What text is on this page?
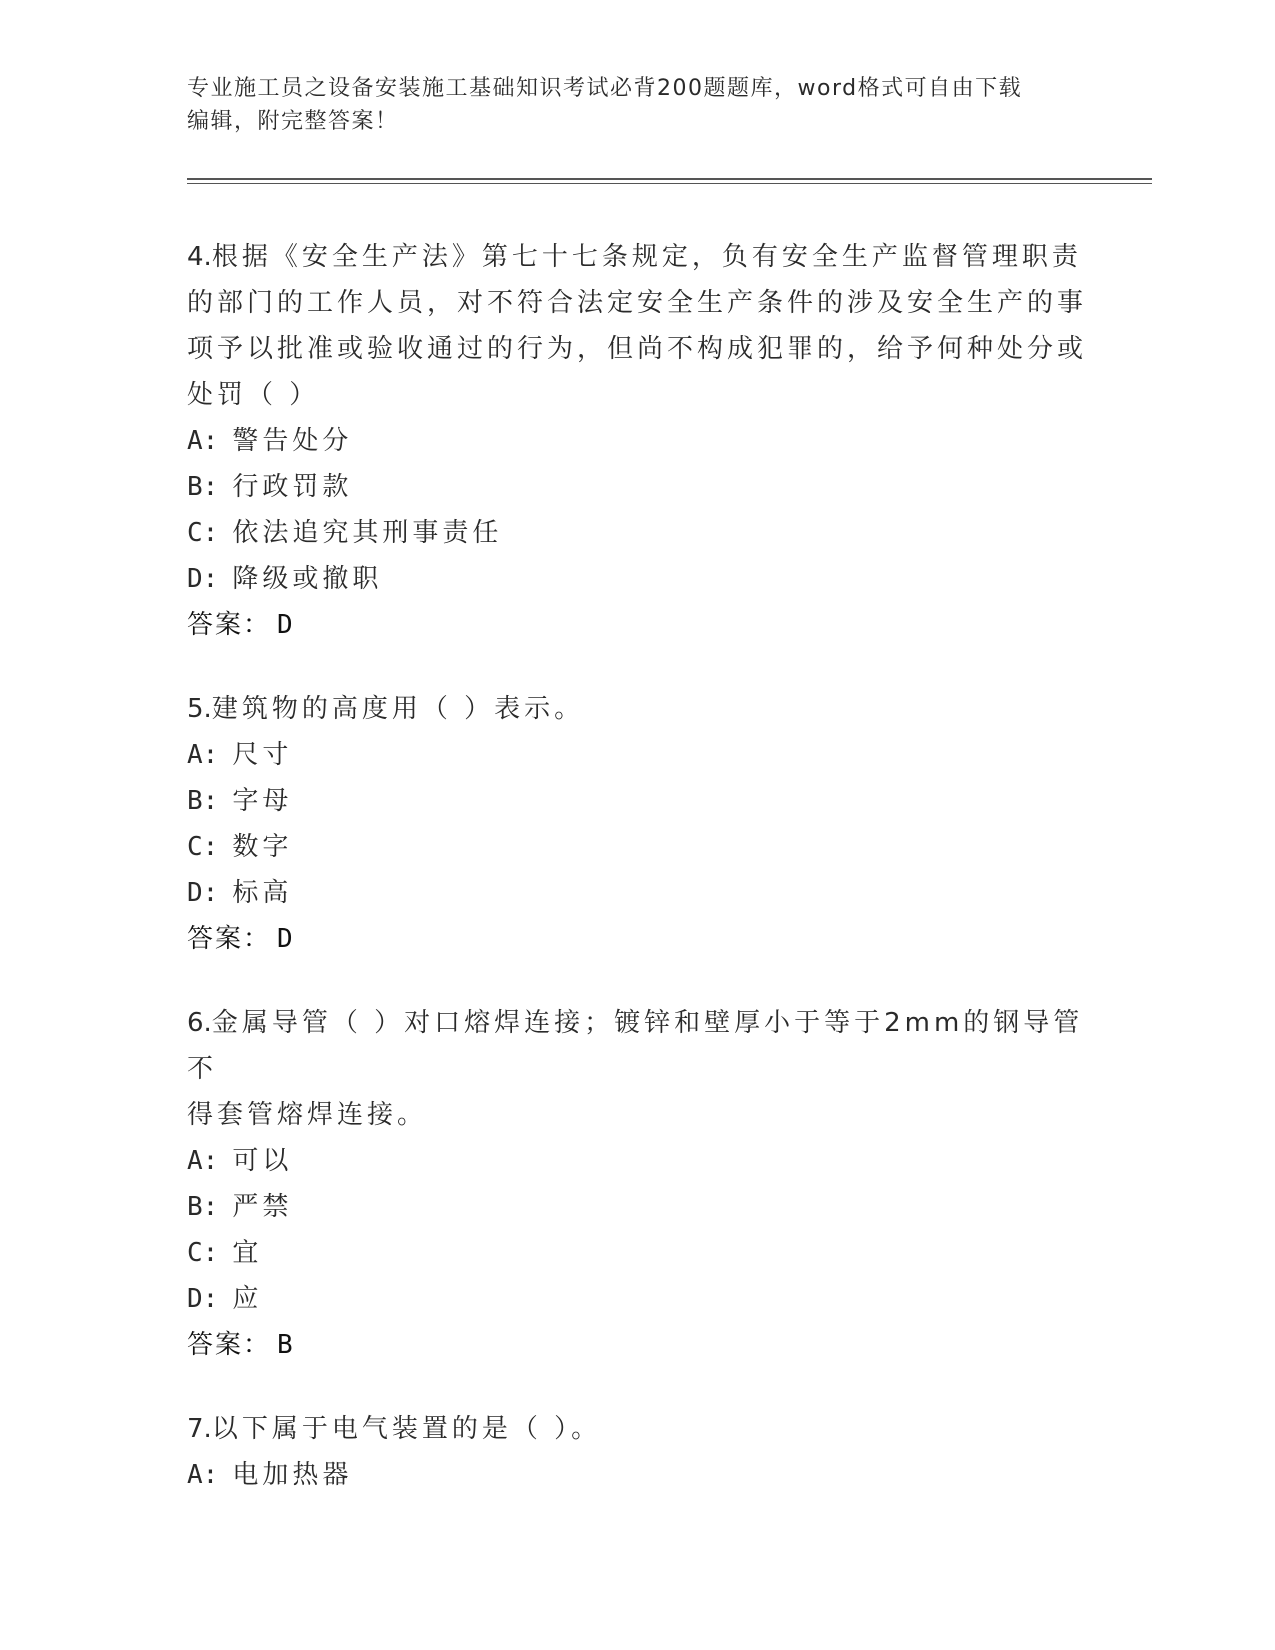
专业施工员之设备安装施工基础知识考试必背200题题库，word格式可自由下载
编辑，附完整答案！
4.根据《安全生产法》第七十七条规定，负有安全生产监督管理职责
的部门的工作人员，对不符合法定安全生产条件的涉及安全生产的事
项予以批准或验收通过的行为，但尚不构成犯罪的，给予何种处分或
处罚（ ）
A: 警告处分
B: 行政罚款
C: 依法追究其刑事责任
D: 降级或撤职
答案： D
5.建筑物的高度用（ ）表示。
A: 尺寸
B: 字母
C: 数字
D: 标高
答案： D
6.金属导管（ ）对口熔焊连接；镀锌和壁厚小于等于2mm的钢导管不
得套管熔焊连接。
A: 可以
B: 严禁
C: 宜
D: 应
答案： B
7.以下属于电气装置的是（ ）。
A: 电加热器
